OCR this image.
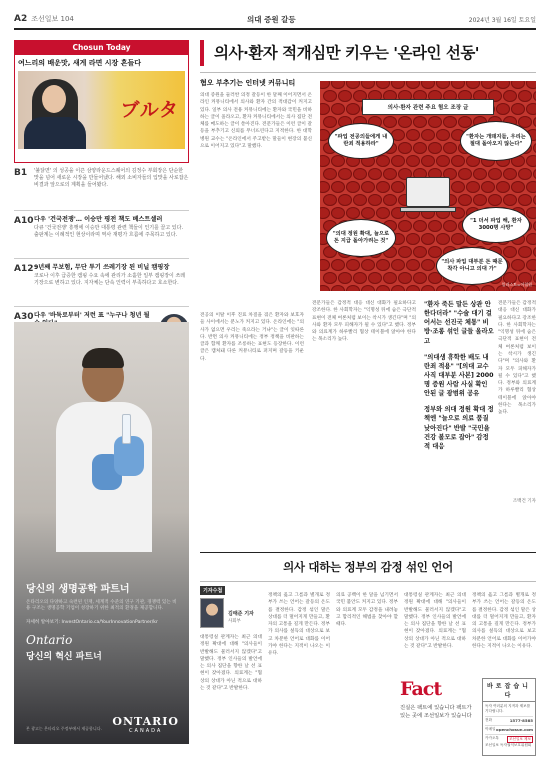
A2 조선일보 104	의대 증원 갈등	2024년 3월 16일 토요일
Chosun Today
여느리의 배운맛, 새게 라면 시장 흔들다
ブルタ
B1	'불닭면' 의 성공을 이끈 삼양라운드스퀘어의 김정수 부회장은 단순한 맛을 넘어 새로운 시장을 만들어냈다. 해외 소비자들의 입맛을 사로잡은 비결과 앞으로의 계획을 들어봤다.
A10 다우 '건국전쟁'… 이승만 평전 책도 베스트셀러
다큐 '건국전쟁' 흥행에 이승만 대통령 관련 책들이 인기를 끌고 있다. 출판계는 이례적인 현상이라며 역사 재평가 흐름에 주목하고 있다.
A12 9년째 무보험, 무단 투기 쓰레기장 된 비닐 캠핑장
코로나 이후 급증한 캠핑 수요 속에 관리가 소홀한 일부 캠핑장이 쓰레기장으로 변하고 있다. 지자체는 단속 인력이 부족하다고 호소한다.
A30 다우 '바둑로부터' 저런 표 "누구나 청년 될
당신의 생명공학 파트너
온타리오의 다양하고 숙련된 인재, 세계적 수준의 연구 기관, 경쟁력 있는 비용 구조는 생명공학 기업이 성장하기 위한 최적의 환경을 제공합니다.
자세히 알아보기: InvestOntario.ca/YourInnovationPartner/kr
Ontario
당신의 혁신 파트너
본 광고는 온타리오 주정부에서 제공합니다.
ONTARIO
CANADA
의사·환자 적개심만 키우는 '온라인 선동'
혐오 부추기는 인터넷 커뮤니티
의대 증원을 둘러싼 의정 갈등이 한 달째 이어지면서 온라인 커뮤니티에서 의사와 환자 간의 적대감이 커지고 있다. 일부 의사 전용 커뮤니티에는 환자와 국민을 비하하는 글이 올라오고, 환자 커뮤니티에서는 의사 집단 전체를 매도하는 글이 쏟아진다. 전문가들은 이런 글이 갈등을 부추기고 신뢰를 무너뜨린다고 지적한다. 한 대학병원 교수는 "온라인에서 주고받는 말들이 현장의 불신으로 이어지고 있다"고 말했다.
의사·환자 관련 주요 혐오 조장 글
"파업 전공의들에게 내란죄 적용하라"
"환자는 개돼지들, 우리는 절대 돌아오지 않는다"
"의대 정원 확대, 늘으로 돈 지급 돌아가려는 것"
"1 더서 파업 해, 환자 3000명 사망"
"의사 파업 대부분 돈 때문 착각 아니고 의대 가"
일러스트=이철원
전공의 이탈 이후 진료 차질을 겪은 환자와 보호자들 사이에서는 분노가 커지고 있다. 온라인에는 "의사가 없으면 우리는 죽으라는 거냐"는 글이 잇따른다. 반면 의사 커뮤니티에는 정부 정책을 비판하는 글과 함께 환자를 조롱하는 표현도 등장한다. 이런 글은 캡처돼 다른 커뮤니티로 퍼지며 갈등을 키운다.
전문가들은 감정적 대응 대신 대화가 필요하다고 강조한다. 한 사회학자는 "익명성 뒤에 숨은 극단적 표현이 전체 여론처럼 보이는 착시가 생긴다"며 "의사와 환자 모두 피해자가 될 수 있다"고 했다. 정부와 의료계가 하루빨리 협상 테이블에 앉아야 한다는 목소리가 높다.

"환자 죽든 말든 상관 안한다더라" "수술 대기 걸어서는 선진국 체통" 비방·조롱 섞인 글들 올라오고

"의대생 휴학한 배도 내란죄 적용" "[의대 교수 사직 대부분 사본] 2000명 증원 사람 사실 확인 안된 글 광범위 공유

정부와 의대 정원 확대 정책엔 "늘으로 의료 품질 낮아진다" 반발 "국민을 건강 볼모로 잡아" 감정적 대응

전문가들은 감정적 대응 대신 대화가 필요하다고 강조한다. 한 사회학자는 "익명성 뒤에 숨은 극단적 표현이 전체 여론처럼 보이는 착시가 생긴다"며 "의사와 환자 모두 피해자가 될 수 있다"고 했다. 정부와 의료계가 하루빨리 협상 테이블에 앉아야 한다는 목소리가 높다.
조백건 기자
의사 대하는 정부의 감정 섞인 언어
기자수첩
김태준 기자
사회부
대통령실 관계자는 최근 의대 정원 확대에 대해 "의사들이 반발해도 물러서지 않겠다"고 말했다. 정부 인사들의 발언에는 의사 집단을 향한 날 선 표현이 잦아졌다. 의료계는 "협상의 상대가 아닌 적으로 대하는 것 같다"고 반발한다.
정책의 옳고 그름과 별개로 정부가 쓰는 언어는 갈등의 온도를 결정한다. 감정 섞인 말은 상대를 더 멀어지게 만들고, 환자의 고통을 길게 만든다. 정부가 의사를 설득의 대상으로 보고 차분한 언어로 대화를 이어가야 한다는 지적이 나오는 이유다.
의료 공백이 한 달을 넘기면서 국민 불안도 커지고 있다. 정부와 의료계 모두 감정을 내려놓고 합리적인 해법을 찾아야 할 때다.
대통령실 관계자는 최근 의대 정원 확대에 대해 "의사들이 반발해도 물러서지 않겠다"고 말했다. 정부 인사들의 발언에는 의사 집단을 향한 날 선 표현이 잦아졌다. 의료계는 "협상의 상대가 아닌 적으로 대하는 것 같다"고 반발한다.
정책의 옳고 그름과 별개로 정부가 쓰는 언어는 갈등의 온도를 결정한다. 감정 섞인 말은 상대를 더 멀어지게 만들고, 환자의 고통을 길게 만든다. 정부가 의사를 설득의 대상으로 보고 차분한 언어로 대화를 이어가야 한다는 지적이 나오는 이유다.
Fact
진실은 팩트에 있습니다 팩트가 있는 곳에 조선일보가 있습니다
바로잡습니다
독자 여러분의 지적과 제보를 기다립니다.
전화	1577-8585
이메일 openchosun.com
카카오톡	조선일보 제보
조선일보 독자권익보호위원회
